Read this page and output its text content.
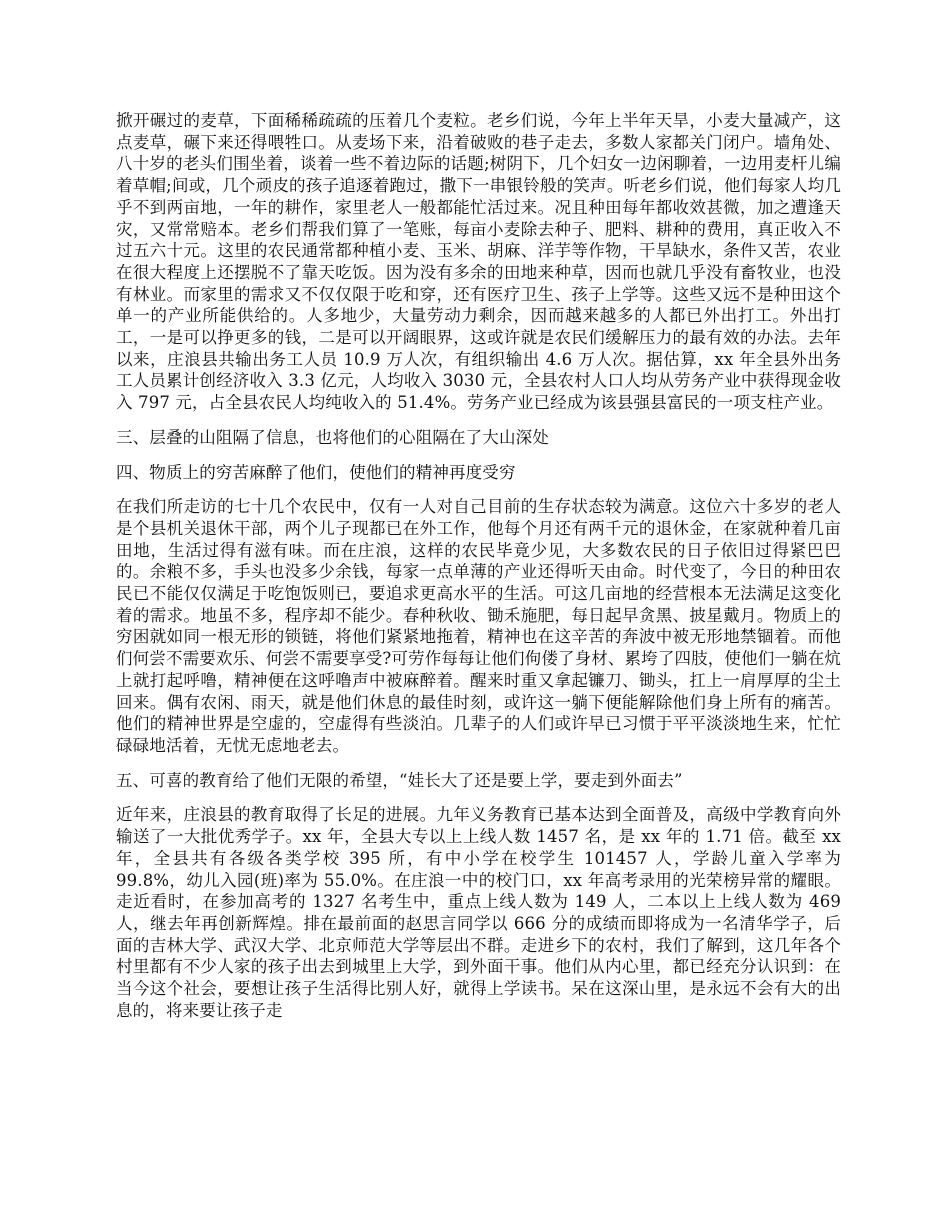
掀开碾过的麦草，下面稀稀疏疏的压着几个麦粒。老乡们说，今年上半年天旱，小麦大量减产，这点麦草，碾下来还得喂牲口。从麦场下来，沿着破败的巷子走去，多数人家都关门闭户。墙角处、八十岁的老头们围坐着，谈着一些不着边际的话题;树阴下，几个妇女一边闲聊着，一边用麦杆儿编着草帽;间或，几个顽皮的孩子追逐着跑过，撒下一串银铃般的笑声。听老乡们说，他们每家人均几乎不到两亩地，一年的耕作，家里老人一般都能忙活过来。况且种田每年都收效甚微，加之遭逢天灾，又常常赔本。老乡们帮我们算了一笔账，每亩小麦除去种子、肥料、耕种的费用，真正收入不过五六十元。这里的农民通常都种植小麦、玉米、胡麻、洋芋等作物，干旱缺水，条件又苦，农业在很大程度上还摆脱不了靠天吃饭。因为没有多余的田地来种草，因而也就几乎没有畜牧业，也没有林业。而家里的需求又不仅仅限于吃和穿，还有医疗卫生、孩子上学等。这些又远不是种田这个单一的产业所能供给的。人多地少，大量劳动力剩余，因而越来越多的人都已外出打工。外出打工，一是可以挣更多的钱，二是可以开阔眼界，这或许就是农民们缓解压力的最有效的办法。去年以来，庄浪县共输出务工人员 10.9 万人次，有组织输出 4.6 万人次。据估算，xx 年全县外出务工人员累计创经济收入 3.3 亿元，人均收入 3030 元，全县农村人口人均从劳务产业中获得现金收入 797 元，占全县农民人均纯收入的 51.4%。劳务产业已经成为该县强县富民的一项支柱产业。

三、层叠的山阻隔了信息，也将他们的心阻隔在了大山深处

四、物质上的穷苦麻醉了他们，使他们的精神再度受穷

在我们所走访的七十几个农民中，仅有一人对自己目前的生存状态较为满意。这位六十多岁的老人是个县机关退休干部，两个儿子现都已在外工作，他每个月还有两千元的退休金，在家就种着几亩田地，生活过得有滋有味。而在庄浪，这样的农民毕竟少见，大多数农民的日子依旧过得紧巴巴的。余粮不多，手头也没多少余钱，每家一点单薄的产业还得听天由命。时代变了，今日的种田农民已不能仅仅满足于吃饱饭则已，要追求更高水平的生活。可这几亩地的经营根本无法满足这变化着的需求。地虽不多，程序却不能少。春种秋收、锄禾施肥，每日起早贪黑、披星戴月。物质上的穷困就如同一根无形的锁链，将他们紧紧地拖着，精神也在这辛苦的奔波中被无形地禁锢着。而他们何尝不需要欢乐、何尝不需要享受?可劳作每每让他们佝偻了身材、累垮了四肢，使他们一躺在炕上就打起呼噜，精神便在这呼噜声中被麻醉着。醒来时重又拿起镰刀、锄头，扛上一肩厚厚的尘土回来。偶有农闲、雨天，就是他们休息的最佳时刻，或许这一躺下便能解除他们身上所有的痛苦。他们的精神世界是空虚的，空虚得有些淡泊。几辈子的人们或许早已习惯于平平淡淡地生来，忙忙碌碌地活着，无忧无虑地老去。

五、可喜的教育给了他们无限的希望，“娃长大了还是要上学，要走到外面去”

近年来，庄浪县的教育取得了长足的进展。九年义务教育已基本达到全面普及，高级中学教育向外输送了一大批优秀学子。xx 年，全县大专以上上线人数 1457 名，是 xx 年的 1.71 倍。截至 xx 年，全县共有各级各类学校 395 所，有中小学在校学生 101457 人，学龄儿童入学率为 99.8%，幼儿入园(班)率为 55.0%。在庄浪一中的校门口，xx 年高考录用的光荣榜异常的耀眼。走近看时，在参加高考的 1327 名考生中，重点上线人数为 149 人，二本以上上线人数为 469 人，继去年再创新辉煌。排在最前面的赵思言同学以 666 分的成绩而即将成为一名清华学子，后面的吉林大学、武汉大学、北京师范大学等层出不群。走进乡下的农村，我们了解到，这几年各个村里都有不少人家的孩子出去到城里上大学，到外面干事。他们从内心里，都已经充分认识到：在当今这个社会，要想让孩子生活得比别人好，就得上学读书。呆在这深山里，是永远不会有大的出息的，将来要让孩子走
